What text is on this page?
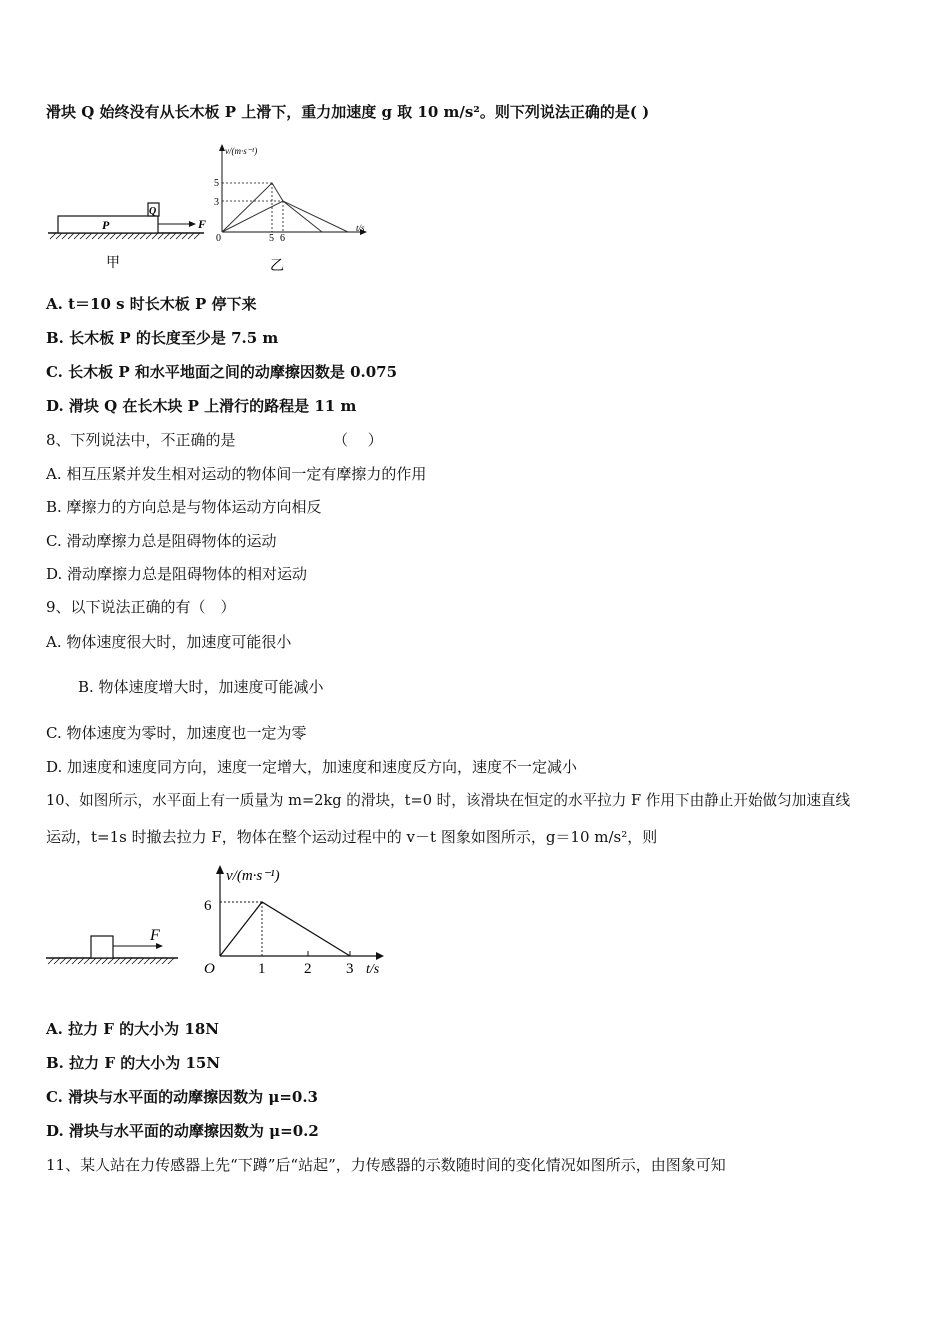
滑块 Q 始终没有从长木板 P 上滑下，重力加速度 g 取 10 m/s²。则下列说法正确的是( )
P
Q
F
甲
v/(m·s⁻¹)
t/s
0
5
3
5 6
乙
A. t＝10 s 时长木板 P 停下来
B. 长木板 P 的长度至少是 7.5 m
C. 长木板 P 和水平地面之间的动摩擦因数是 0.075
D. 滑块 Q 在长木块 P 上滑行的路程是 11 m
8、下列说法中，不正确的是	（　 ）
A. 相互压紧并发生相对运动的物体间一定有摩擦力的作用
B. 摩擦力的方向总是与物体运动方向相反
C. 滑动摩擦力总是阻碍物体的运动
D. 滑动摩擦力总是阻碍物体的相对运动
9、以下说法正确的有（　）
A. 物体速度很大时，加速度可能很小
B. 物体速度增大时，加速度可能减小
C. 物体速度为零时，加速度也一定为零
D. 加速度和速度同方向，速度一定增大，加速度和速度反方向，速度不一定减小
10、如图所示，水平面上有一质量为 m=2kg 的滑块，t=0 时，该滑块在恒定的水平拉力 F 作用下由静止开始做匀加速直线
运动，t=1s 时撤去拉力 F，物体在整个运动过程中的 v－t 图象如图所示，g＝10 m/s²，则
F
v/(m·s⁻¹)
t/s
O
6
1	2 3
A. 拉力 F 的大小为 18N
B. 拉力 F 的大小为 15N
C. 滑块与水平面的动摩擦因数为 μ=0.3
D. 滑块与水平面的动摩擦因数为 μ=0.2
11、某人站在力传感器上先“下蹲”后“站起”，力传感器的示数随时间的变化情况如图所示，由图象可知
